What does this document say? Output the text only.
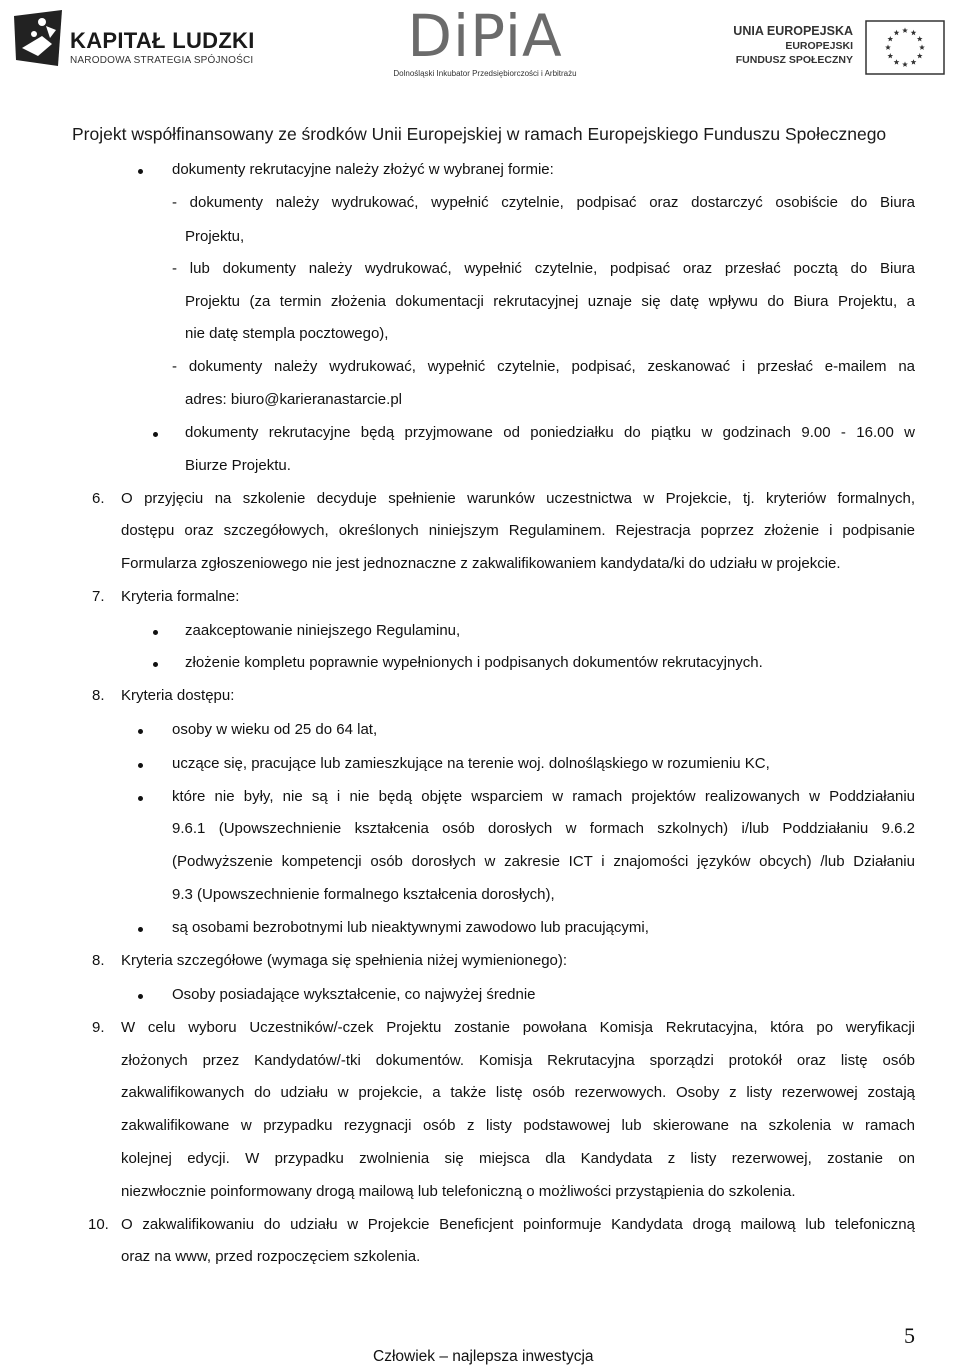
KAPITAŁ LUDZKI
NARODOWA STRATEGIA SPÓJNOŚCI	DiPiA
Dolnośląski Inkubator Przedsiębiorczości i Arbitrażu
UNIA EUROPEJSKA
EUROPEJSKI
FUNDUSZ SPOŁECZNY
Projekt współfinansowany ze środków Unii Europejskiej w ramach Europejskiego Funduszu Społecznego
dokumenty rekrutacyjne należy złożyć w wybranej formie:
- dokumenty należy wydrukować, wypełnić czytelnie, podpisać oraz dostarczyć osobiście do Biura
Projektu,
- lub dokumenty należy wydrukować, wypełnić czytelnie, podpisać oraz przesłać pocztą do Biura
Projektu (za termin złożenia dokumentacji rekrutacyjnej uznaje się datę wpływu do Biura Projektu, a
nie datę stempla pocztowego),
- dokumenty należy wydrukować, wypełnić czytelnie, podpisać, zeskanować i przesłać e-mailem na
adres: biuro@karieranastarcie.pl
dokumenty rekrutacyjne będą przyjmowane od poniedziałku do piątku w godzinach 9.00 - 16.00 w
Biurze Projektu.
6. O przyjęciu na szkolenie decyduje spełnienie warunków uczestnictwa w Projekcie, tj. kryteriów formalnych,
dostępu oraz szczegółowych, określonych niniejszym Regulaminem. Rejestracja poprzez złożenie i podpisanie
Formularza zgłoszeniowego nie jest jednoznaczne z zakwalifikowaniem kandydata/ki do udziału w projekcie.
7. Kryteria formalne:
zaakceptowanie niniejszego Regulaminu,
złożenie kompletu poprawnie wypełnionych i podpisanych dokumentów rekrutacyjnych.
8. Kryteria dostępu:
osoby w wieku od 25 do 64 lat,
uczące się, pracujące lub zamieszkujące na terenie woj. dolnośląskiego w rozumieniu KC,
które nie były, nie są i nie będą objęte wsparciem w ramach projektów realizowanych w Poddziałaniu
9.6.1 (Upowszechnienie kształcenia osób dorosłych w formach szkolnych) i/lub Poddziałaniu 9.6.2
(Podwyższenie kompetencji osób dorosłych w zakresie ICT i znajomości języków obcych) /lub Działaniu
9.3 (Upowszechnienie formalnego kształcenia dorosłych),
są osobami bezrobotnymi lub nieaktywnymi zawodowo lub pracującymi,
8. Kryteria szczegółowe (wymaga się spełnienia niżej wymienionego):
Osoby posiadające wykształcenie, co najwyżej średnie
9. W celu wyboru Uczestników/-czek Projektu zostanie powołana Komisja Rekrutacyjna, która po weryfikacji
złożonych przez Kandydatów/-tki dokumentów. Komisja Rekrutacyjna sporządzi protokół oraz listę osób
zakwalifikowanych do udziału w projekcie, a także listę osób rezerwowych. Osoby z listy rezerwowej zostają
zakwalifikowane w przypadku rezygnacji osób z listy podstawowej lub skierowane na szkolenia w ramach
kolejnej edycji. W przypadku zwolnienia się miejsca dla Kandydata z listy rezerwowej, zostanie on
niezwłocznie poinformowany drogą mailową lub telefoniczną o możliwości przystąpienia do szkolenia.
10. O zakwalifikowaniu do udziału w Projekcie Beneficjent poinformuje Kandydata drogą mailową lub telefoniczną
oraz na www, przed rozpoczęciem szkolenia.
5
Człowiek – najlepsza inwestycja
